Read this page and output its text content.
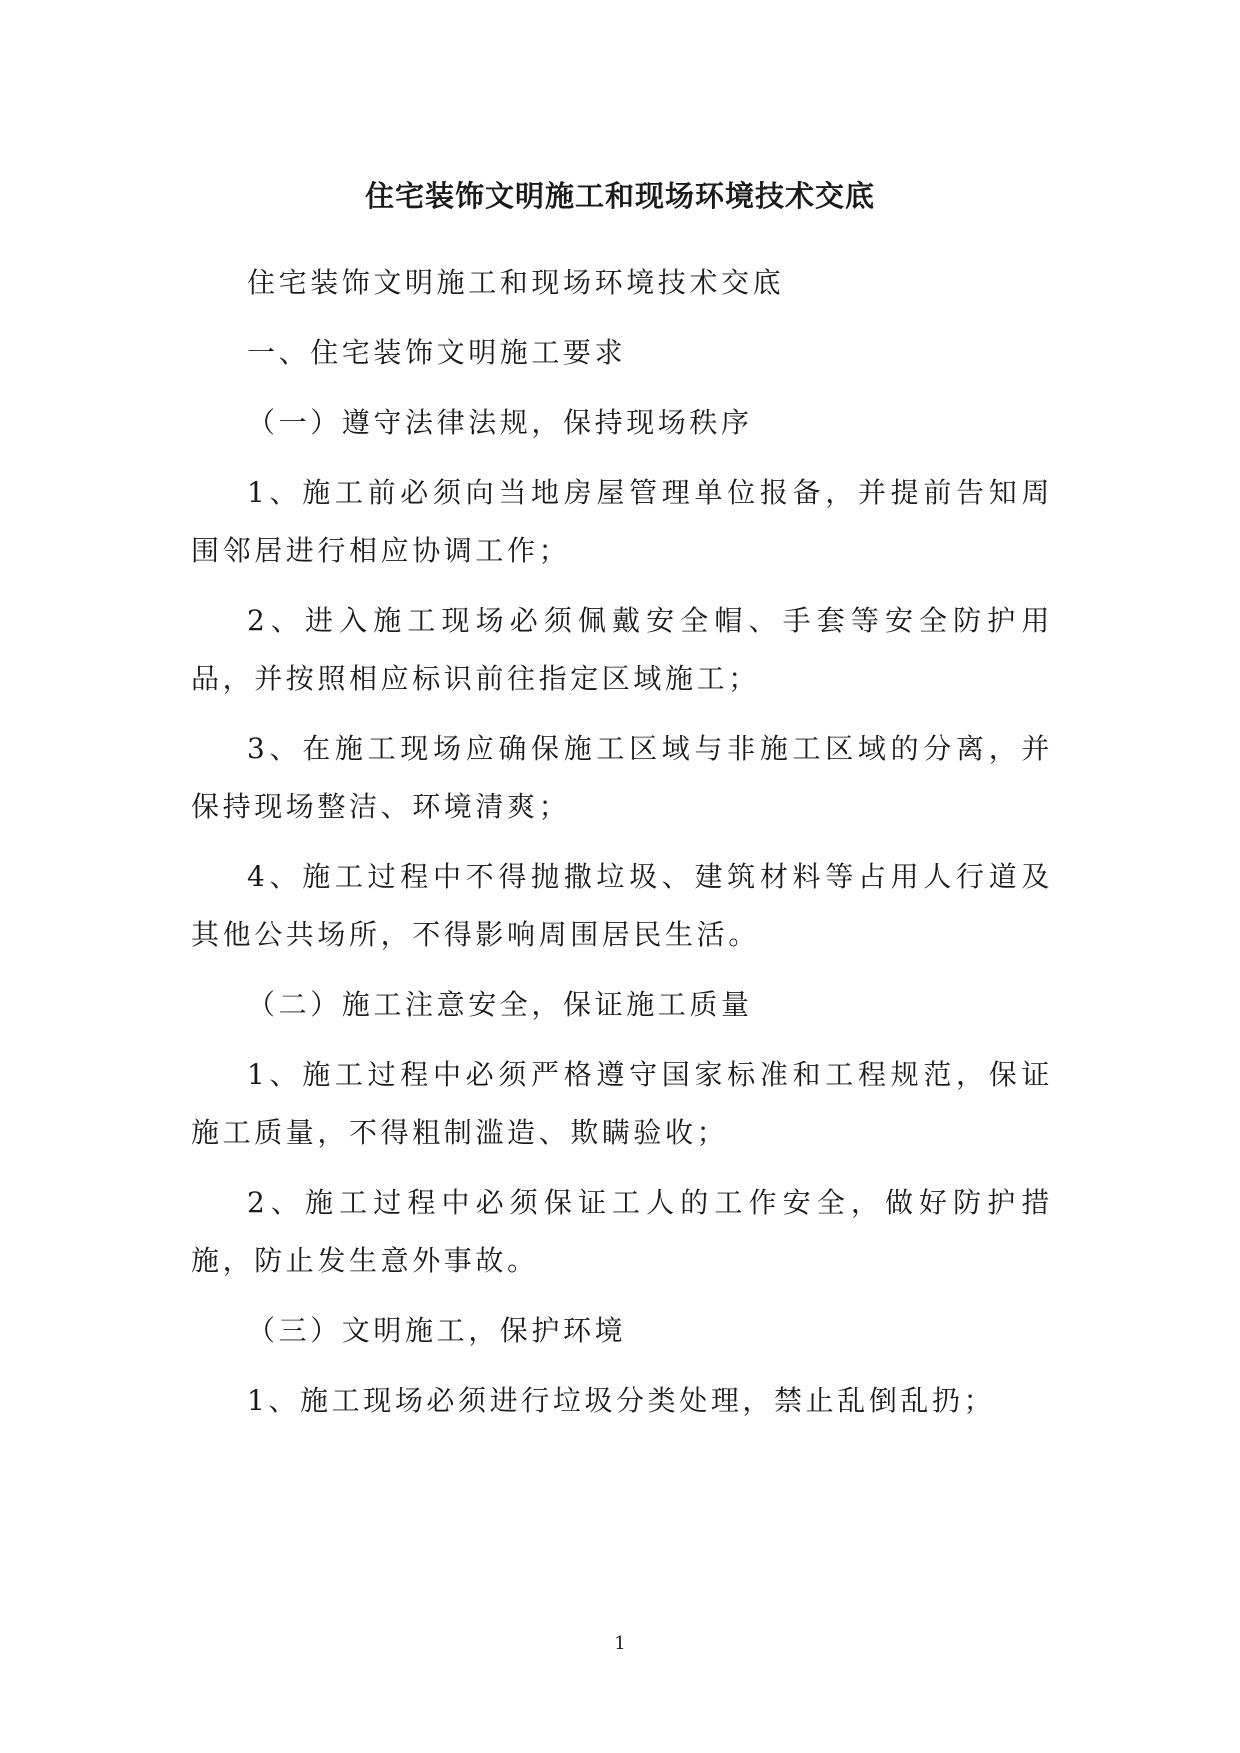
住宅装饰文明施工和现场环境技术交底

住宅装饰文明施工和现场环境技术交底

一、住宅装饰文明施工要求

（一）遵守法律法规，保持现场秩序

1、施工前必须向当地房屋管理单位报备，并提前告知周围邻居进行相应协调工作；

2、进入施工现场必须佩戴安全帽、手套等安全防护用品，并按照相应标识前往指定区域施工；

3、在施工现场应确保施工区域与非施工区域的分离，并保持现场整洁、环境清爽；

4、施工过程中不得抛撒垃圾、建筑材料等占用人行道及其他公共场所，不得影响周围居民生活。

（二）施工注意安全，保证施工质量

1、施工过程中必须严格遵守国家标准和工程规范，保证施工质量，不得粗制滥造、欺瞒验收；

2、施工过程中必须保证工人的工作安全，做好防护措施，防止发生意外事故。

（三）文明施工，保护环境

1、施工现场必须进行垃圾分类处理，禁止乱倒乱扔；

1
